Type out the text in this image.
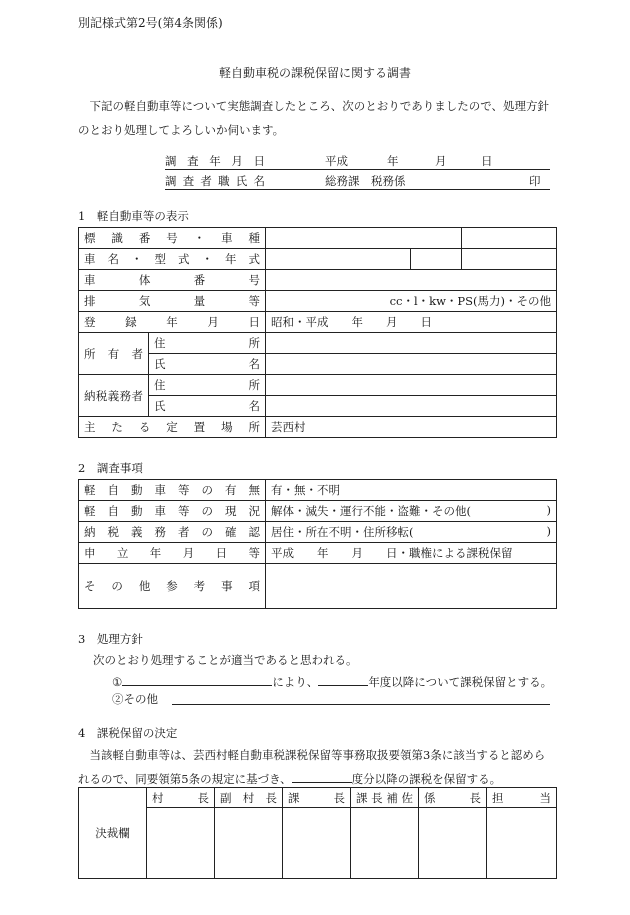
別記様式第2号(第4条関係)
軽自動車税の課税保留に関する調書
下記の軽自動車等について実態調査したところ、次のとおりでありましたので、処理方針のとおり処理してよろしいか伺います。
調査年月日	平成	年	月	日
調査者職氏名	総務課　税務係	印
1　軽自動車等の表示
標識番号・車種				
車名・型式・年式				
車体番号				
排気量等		cc・l・kw・PS(馬力)・その他		
登録年月日		昭和・平成　　年　　月　　日		
所有者	住所			
	氏名			
納税義務者	住所			
	氏名			
主たる定置場所		芸西村		
2　調査事項
軽自動車等の有無	有・無・不明
軽自動車等の現況	解体・滅失・運行不能・盗難・その他( )

納税義務者の確認	居住・所在不明・住所移転( )

申立年月日等	平成　　年　　月　　日・職権による課税保留
その他参考事項	
3　処理方針
次のとおり処理することが適当であると思われる。
①	により、	年度以降について課税保留とする。
②その他
4　課税保留の決定
当該軽自動車等は、芸西村軽自動車税課税保留等事務取扱要領第3条に該当すると認められるので、同要領第5条の規定に基づき、	度分以降の課税を保留する。
決裁欄	村長	副村長	課長	課長補佐	係長	担当
